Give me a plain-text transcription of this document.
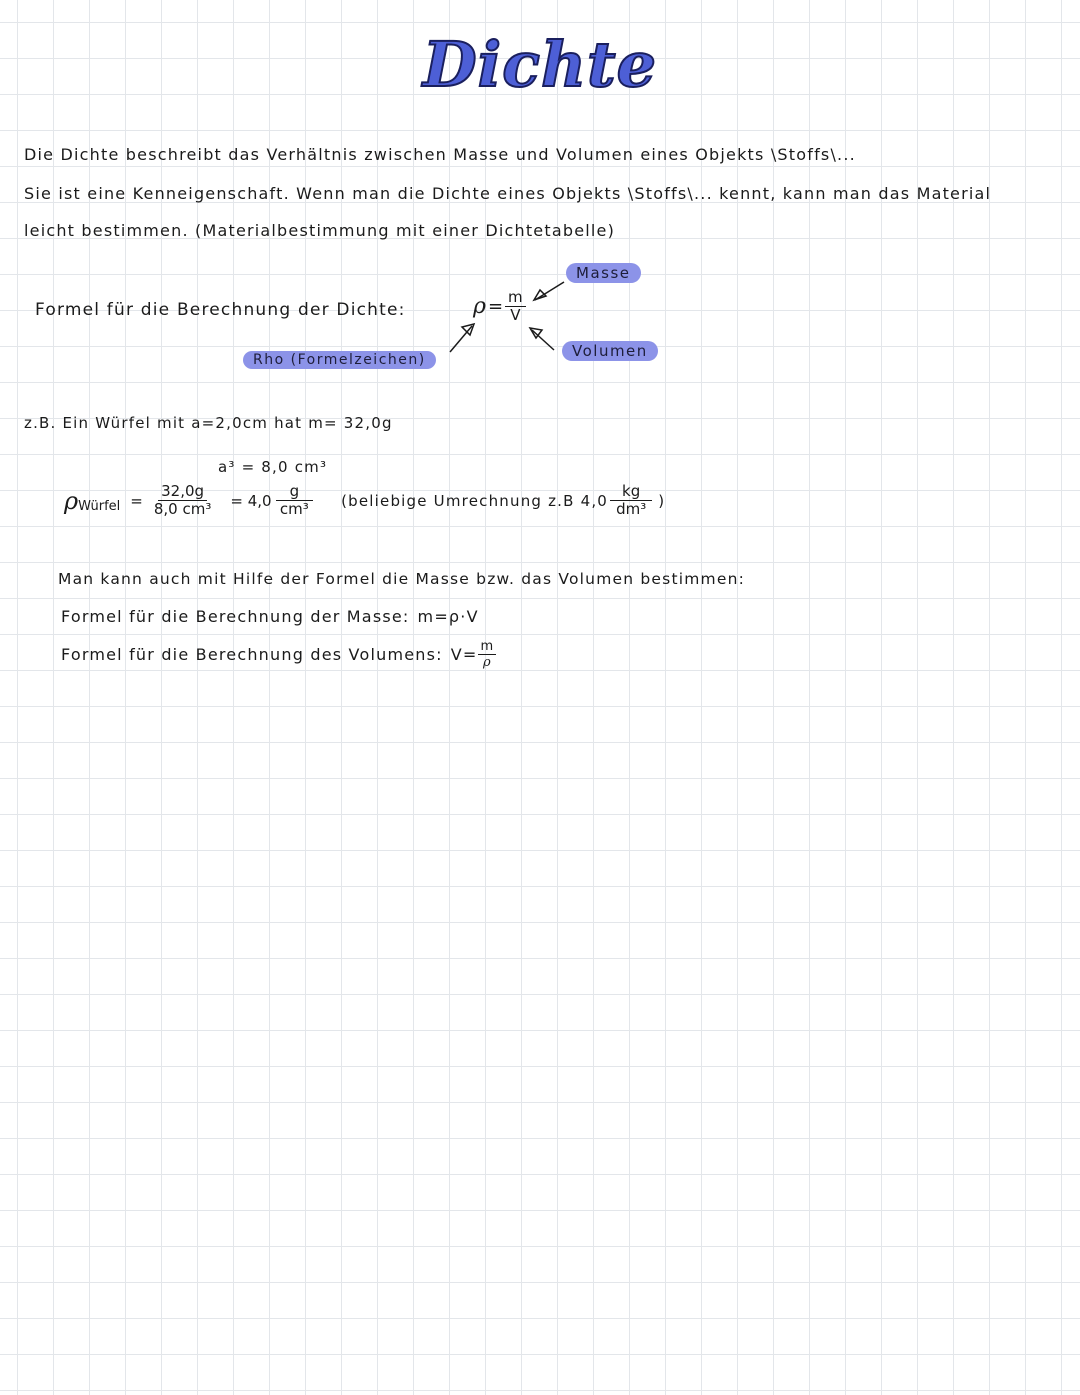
Dichte
Die Dichte beschreibt das Verhältnis zwischen Masse und Volumen eines Objekts \Stoffs\...
Sie ist eine Kenneigenschaft. Wenn man die Dichte eines Objekts \Stoffs\... kennt, kann man das Material
leicht bestimmen. (Materialbestimmung mit einer Dichtetabelle)
Formel für die Berechnung der Dichte:	$\rho = \frac{m}{V}$
Masse
Volumen
Rho (Formelzeichen)
z.B. Ein Würfel mit a=2,0cm hat m= 32,0g
a³ = 8,0 cm³
ρ Würfel = $\frac{32,0g}{\text{8,0 cm³}} = 4,0 \frac{g}{\text{cm³}}$ (beliebige Umrechnung z.B $4,0 \frac{kg}{\text{dm³}}$ )
Man kann auch mit Hilfe der Formel die Masse bzw. das Volumen bestimmen:
Formel für die Berechnung der Masse: m=ρ·V
Formel für die Berechnung des Volumens: $V= \frac{m}{\rho}$
